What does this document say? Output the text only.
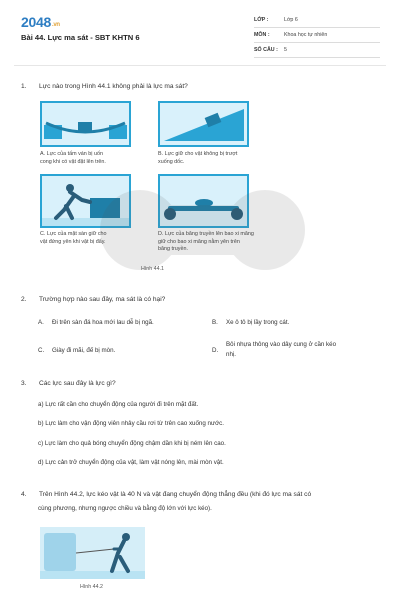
2048.vn
Bài 44. Lực ma sát - SBT KHTN 6
LỚP :	Lớp 6
MÔN :	Khoa học tự nhiên
SỐ CÂU :	5
1. Lực nào trong Hình 44.1 không phải là lực ma sát?
A. Lực của tấm ván bị uốn
cong khi có vật đặt lên trên.
B. Lực giữ cho vật không bị trượt
xuống dốc.
C. Lực của mặt sàn giữ cho
vật đứng yên khi vật bị đẩy.
D. Lực của băng truyền lên bao xi măng
giữ cho bao xi măng nằm yên trên
băng truyền.
Hình 44.1
2. Trường hợp nào sau đây, ma sát là có hại?
A. Đi trên sàn đá hoa mới lau dễ bị ngã.	B. Xe ô tô bị lầy trong cát.
C. Giày đi mãi, đế bị mòn.	D.
Bôi nhựa thông vào dây cung ở cần kéo
nhị.
3. Các lực sau đây là lực gì?
a) Lực rất cần cho chuyển động của người đi trên mặt đất.
b) Lực làm cho vận động viên nhảy cầu rơi từ trên cao xuống nước.
c) Lực làm cho quả bóng chuyển động chậm dần khi bị ném lên cao.
d) Lực cản trở chuyển động của vật, làm vật nóng lên, mài mòn vật.
4. Trên Hình 44.2, lực kéo vật là 40 N và vật đang chuyển động thẳng đều (khi đó lực ma sát có
cùng phương, nhưng ngược chiều và bằng độ lớn với lực kéo).
Hình 44.2
